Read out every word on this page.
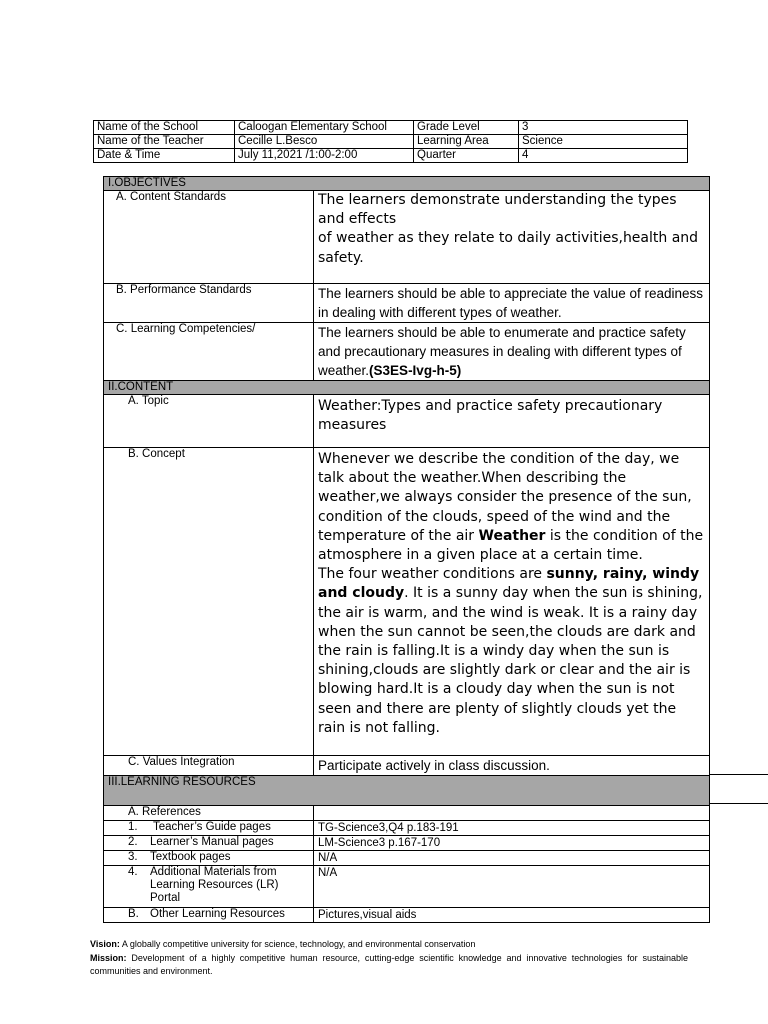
Name of the School	Caloogan Elementary School	Grade Level	3
Name of the Teacher	Cecille L.Besco	Learning Area	Science
Date & Time	July 11,2021 /1:00-2:00	Quarter	4
I.OBJECTIVES	
A. Content Standards	The learners demonstrate understanding the types and effects
of weather as they relate to daily activities,health and safety.

B. Performance Standards	The learners should be able to appreciate the value of readiness in dealing with different types of weather.
C. Learning Competencies/	The learners should be able to enumerate and practice safety and precautionary measures in dealing with different types of weather.(S3ES-Ivg-h-5)
II.CONTENT	
A. Topic	Weather:Types and practice safety precautionary measures
B. Concept	Whenever we describe the condition of the day, we talk about the weather.When describing the weather,we always consider the presence of the sun, condition of the clouds, speed of the wind and the temperature of the air Weather is the condition of the atmosphere in a given place at a certain time.
The four weather conditions are sunny, rainy, windy and cloudy. It is a sunny day when the sun is shining, the air is warm, and the wind is weak. It is a rainy day when the sun cannot be seen,the clouds are dark and the rain is falling.It is a windy day when the sun is shining,clouds are slightly dark or clear and the air is blowing hard.It is a cloudy day when the sun is not seen and there are plenty of slightly clouds yet the rain is not falling.

C. Values Integration	Participate actively in class discussion.
III.LEARNING RESOURCES	
A. References	
1. Teacher’s Guide pages	TG-Science3,Q4 p.183-191
2. Learner’s Manual pages	LM-Science3 p.167-170
3. Textbook pages	N/A

4. Additional Materials from Learning Resources (LR) Portal	N/A
B. Other Learning Resources	Pictures,visual aids

Vision: A globally competitive university for science, technology, and environmental conservation

Mission: Development of a highly competitive human resource, cutting-edge scientific knowledge and innovative technologies for sustainable communities and environment.
